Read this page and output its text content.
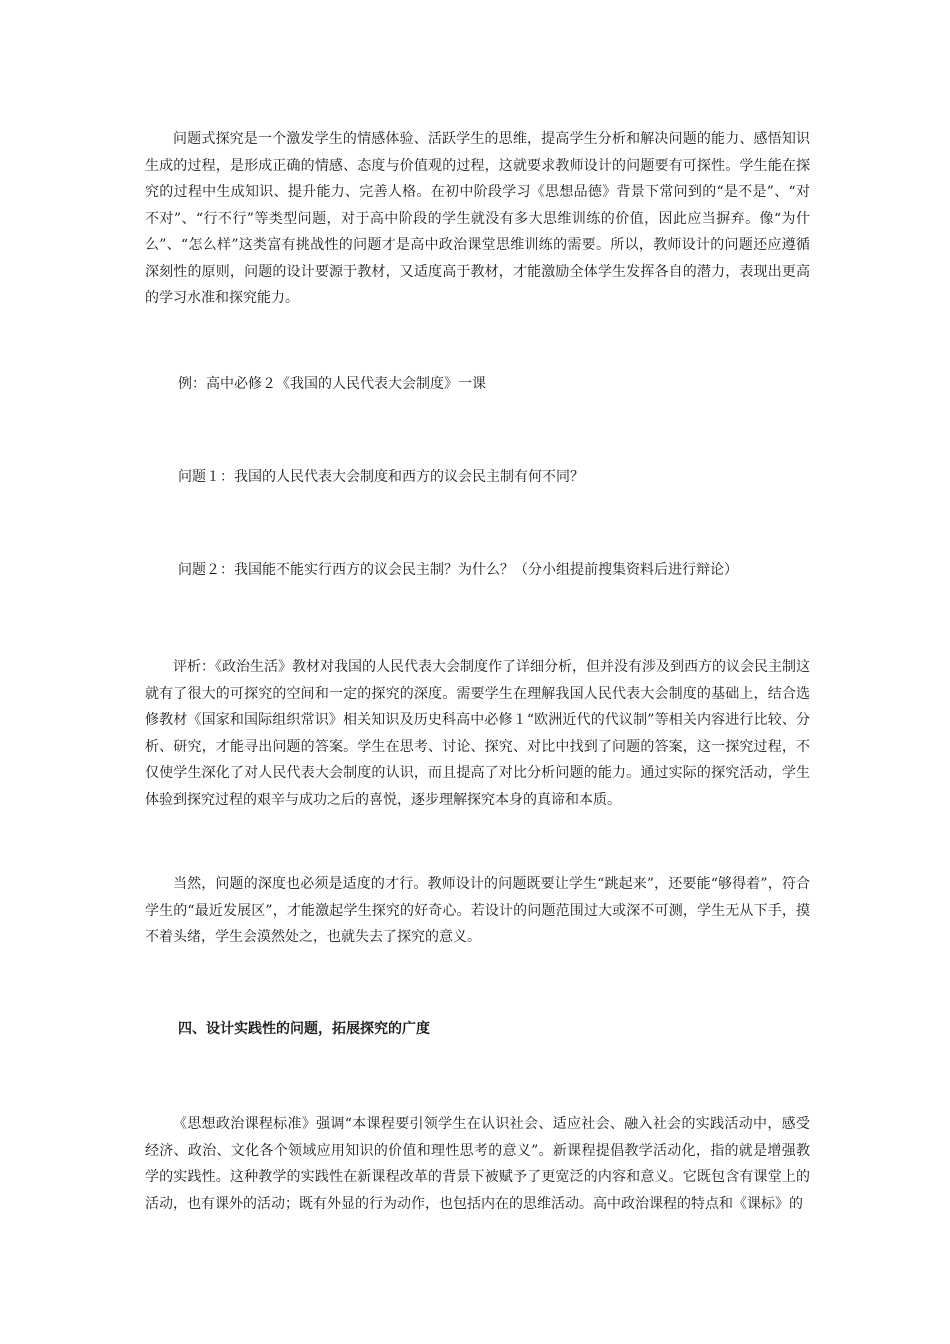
问题式探究是一个激发学生的情感体验、活跃学生的思维，提高学生分析和解决问题的能力、感悟知识生成的过程，是形成正确的情感、态度与价值观的过程，这就要求教师设计的问题要有可探性。学生能在探究的过程中生成知识、提升能力、完善人格。在初中阶段学习《思想品德》背景下常问到的“是不是”、“对不对”、“行不行”等类型问题，对于高中阶段的学生就没有多大思维训练的价值，因此应当摒弃。像“为什么”、“怎么样”这类富有挑战性的问题才是高中政治课堂思维训练的需要。所以，教师设计的问题还应遵循深刻性的原则，问题的设计要源于教材，又适度高于教材，才能激励全体学生发挥各自的潜力，表现出更高的学习水准和探究能力。

例：高中必修２《我国的人民代表大会制度》一课

问题１：我国的人民代表大会制度和西方的议会民主制有何不同？

问题２：我国能不能实行西方的议会民主制？为什么？（分小组提前搜集资料后进行辩论）

评析：《政治生活》教材对我国的人民代表大会制度作了详细分析，但并没有涉及到西方的议会民主制这就有了很大的可探究的空间和一定的探究的深度。需要学生在理解我国人民代表大会制度的基础上，结合选修教材《国家和国际组织常识》相关知识及历史科高中必修１“欧洲近代的代议制”等相关内容进行比较、分析、研究，才能寻出问题的答案。学生在思考、讨论、探究、对比中找到了问题的答案，这一探究过程，不仅使学生深化了对人民代表大会制度的认识，而且提高了对比分析问题的能力。通过实际的探究活动，学生体验到探究过程的艰辛与成功之后的喜悦，逐步理解探究本身的真谛和本质。

当然，问题的深度也必须是适度的才行。教师设计的问题既要让学生“跳起来”，还要能“够得着”，符合学生的“最近发展区”，才能激起学生探究的好奇心。若设计的问题范围过大或深不可测，学生无从下手，摸不着头绪，学生会漠然处之，也就失去了探究的意义。

四、设计实践性的问题，拓展探究的广度

《思想政治课程标准》强调“本课程要引领学生在认识社会、适应社会、融入社会的实践活动中，感受经济、政治、文化各个领域应用知识的价值和理性思考的意义”。新课程提倡教学活动化，指的就是增强教学的实践性。这种教学的实践性在新课程改革的背景下被赋予了更宽泛的内容和意义。它既包含有课堂上的活动，也有课外的活动；既有外显的行为动作，也包括内在的思维活动。高中政治课程的特点和《课标》的
